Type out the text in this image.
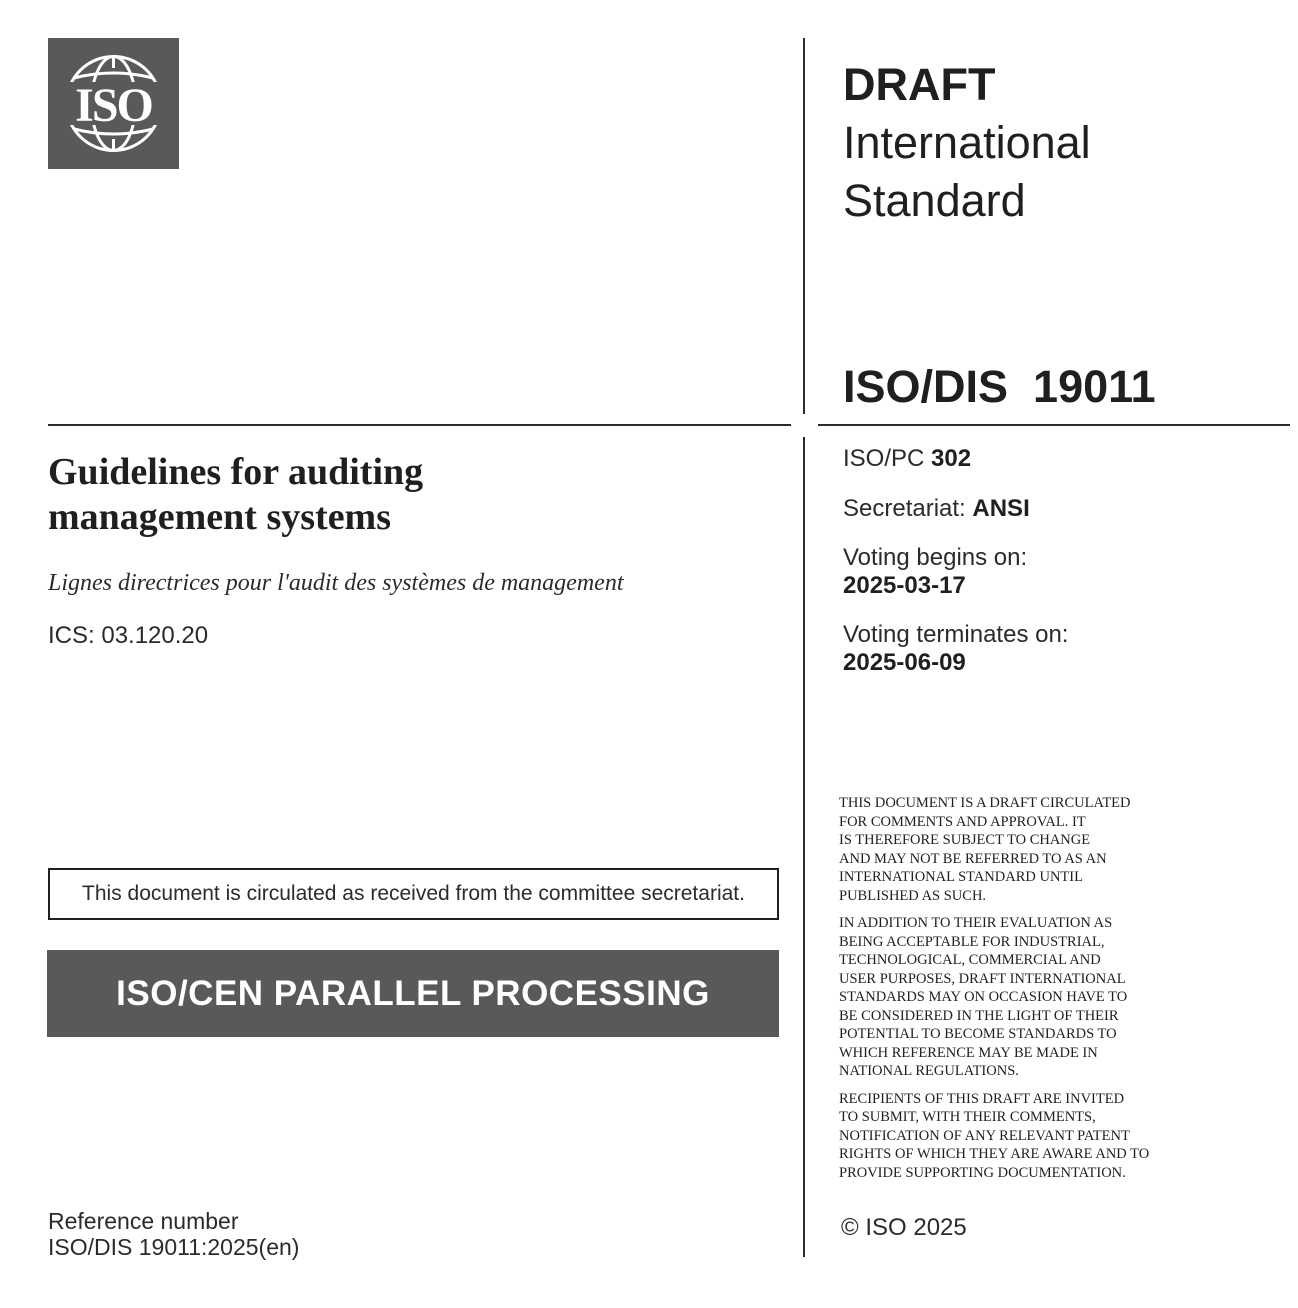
ISO	DRAFT
International
Standard
ISO/DIS  19011
Guidelines for auditing
management systems
Lignes directrices pour l'audit des systèmes de management
ICS: 03.120.20
ISO/PC 302
Secretariat: ANSI
Voting begins on:
2025-03-17
Voting terminates on:
2025-06-09

THIS DOCUMENT IS A DRAFT CIRCULATED
FOR COMMENTS AND APPROVAL. IT
IS THEREFORE SUBJECT TO CHANGE
AND MAY NOT BE REFERRED TO AS AN
INTERNATIONAL STANDARD UNTIL
PUBLISHED AS SUCH.

IN ADDITION TO THEIR EVALUATION AS
BEING ACCEPTABLE FOR INDUSTRIAL,
TECHNOLOGICAL, COMMERCIAL AND
USER PURPOSES, DRAFT INTERNATIONAL
STANDARDS MAY ON OCCASION HAVE TO
BE CONSIDERED IN THE LIGHT OF THEIR
POTENTIAL TO BECOME STANDARDS TO
WHICH REFERENCE MAY BE MADE IN
NATIONAL REGULATIONS.

RECIPIENTS OF THIS DRAFT ARE INVITED
TO SUBMIT, WITH THEIR COMMENTS,
NOTIFICATION OF ANY RELEVANT PATENT
RIGHTS OF WHICH THEY ARE AWARE AND TO
PROVIDE SUPPORTING DOCUMENTATION.

© ISO 2025
This document is circulated as received from the committee secretariat.
ISO/CEN PARALLEL PROCESSING
Reference number
ISO/DIS 19011:2025(en)
